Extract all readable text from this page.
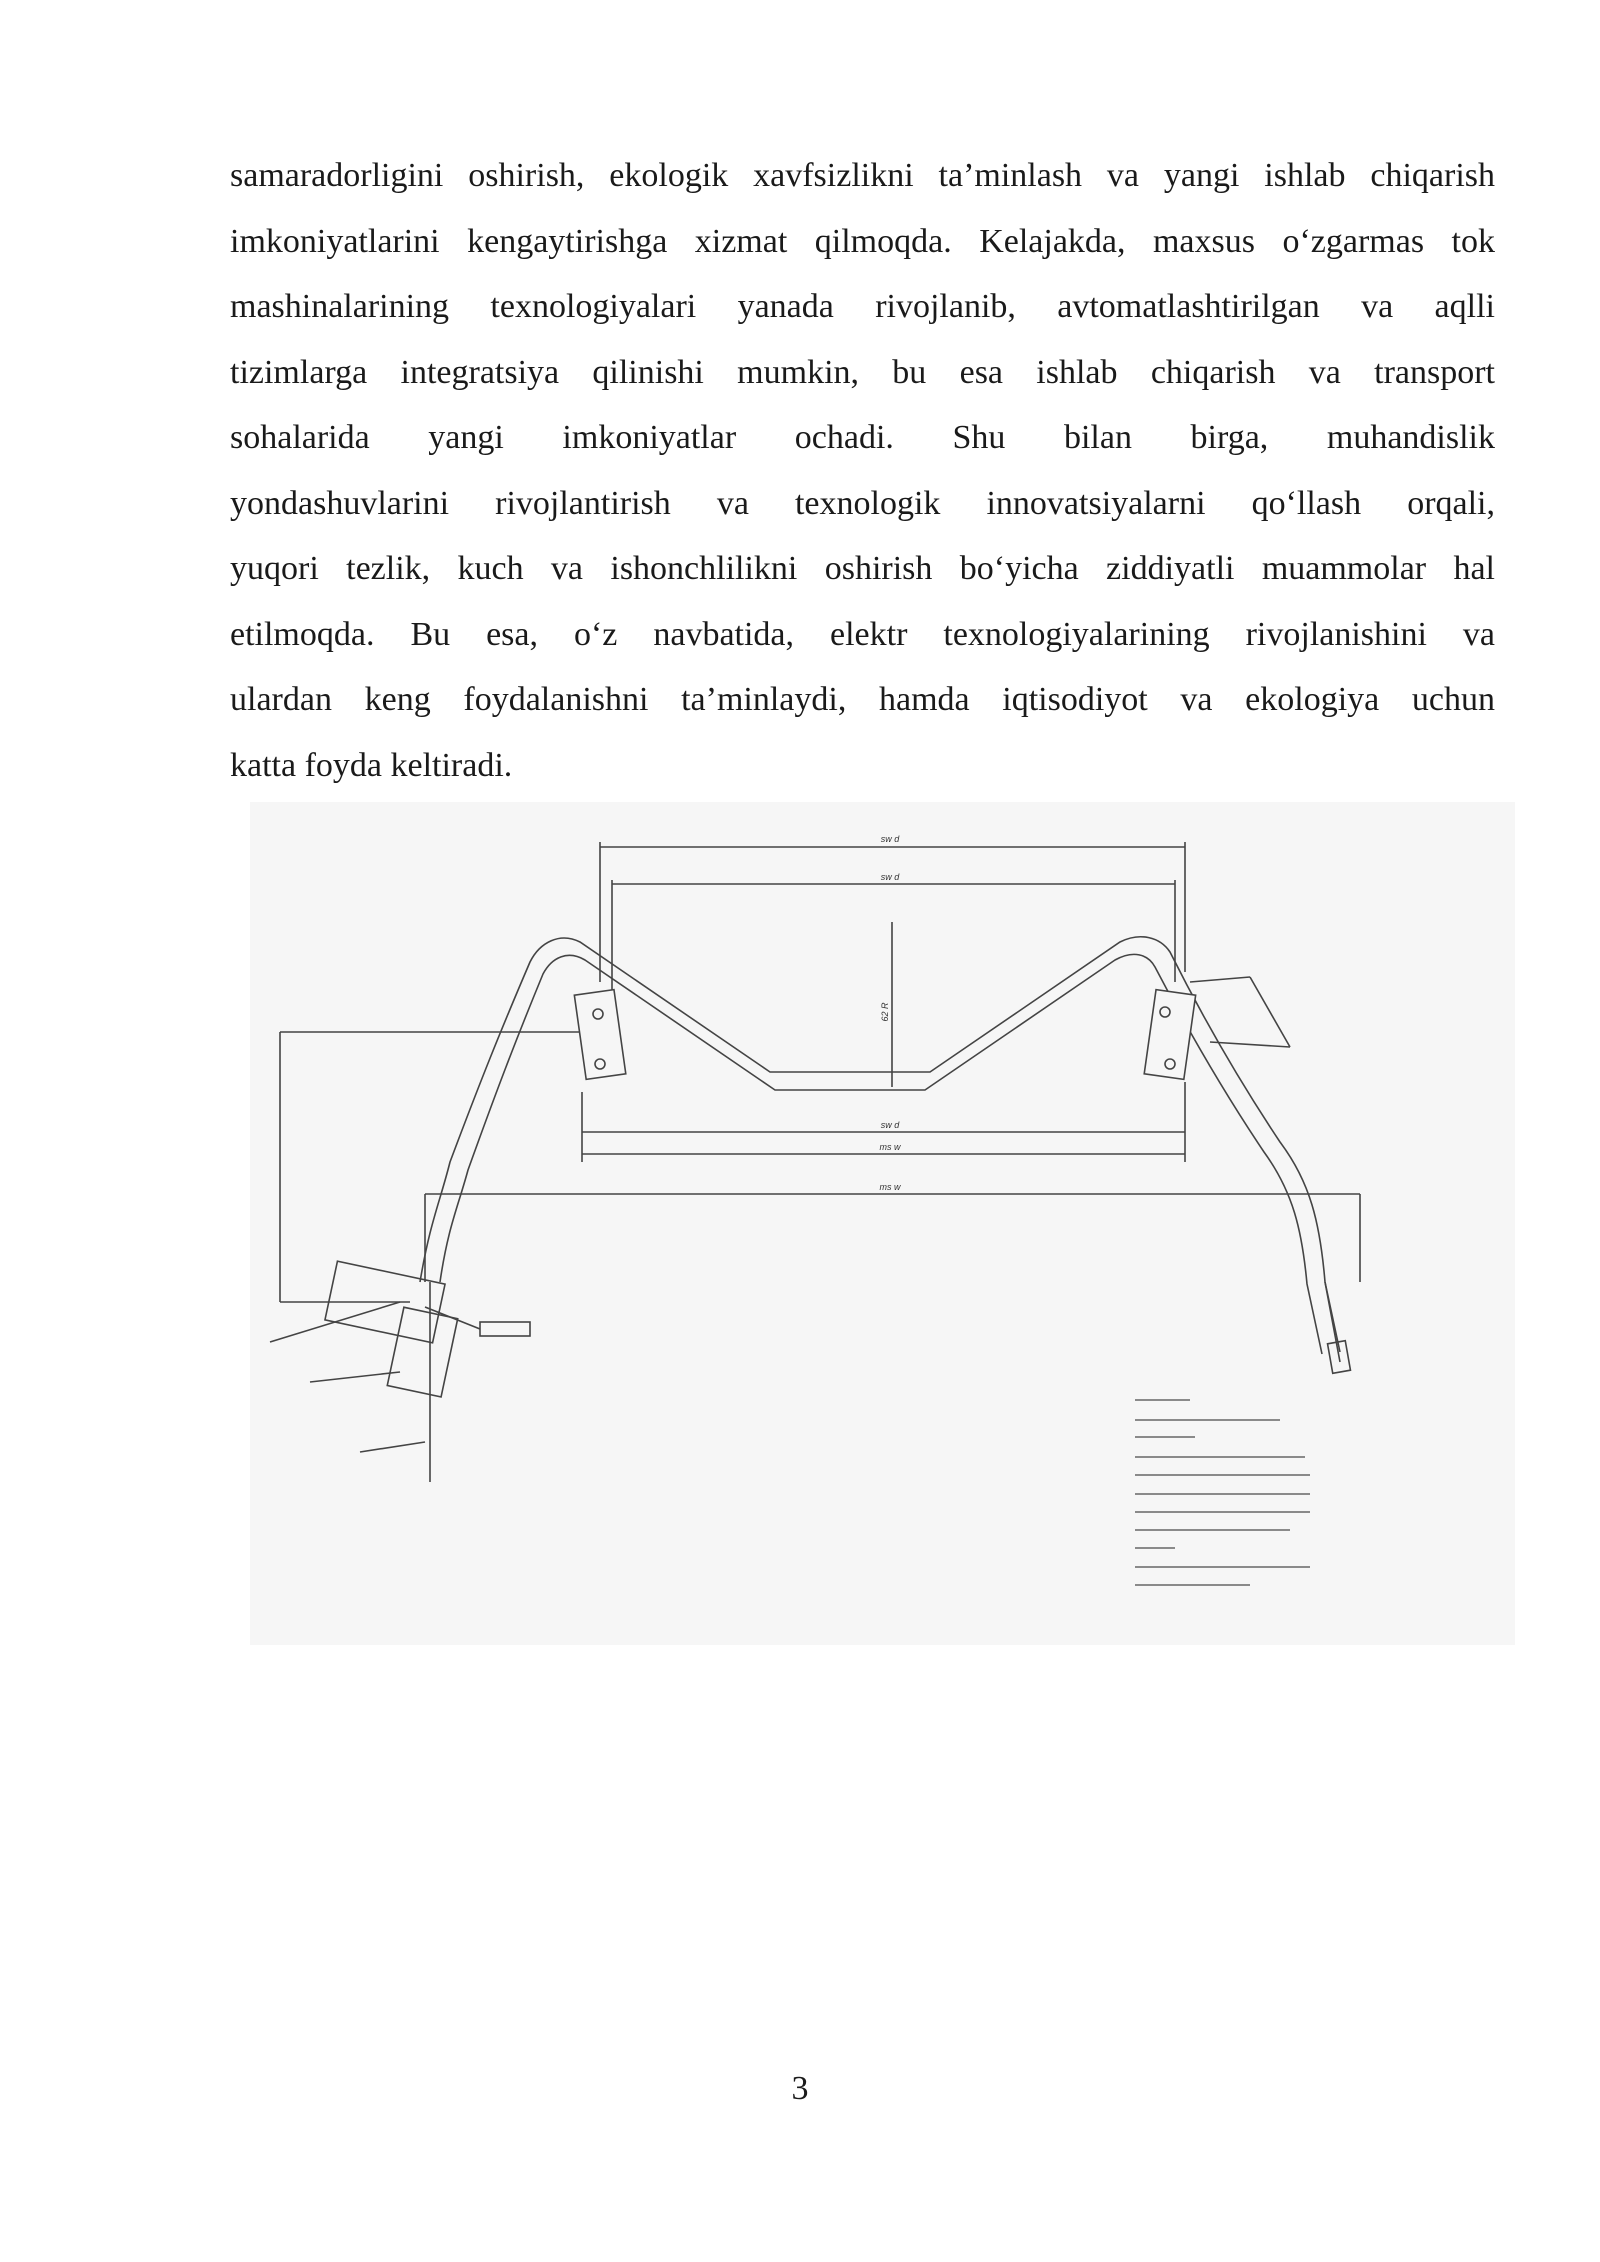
samaradorligini oshirish, ekologik xavfsizlikni ta’minlash va yangi ishlab chiqarish
imkoniyatlarini kengaytirishga xizmat qilmoqda. Kelajakda, maxsus o‘zgarmas tok
mashinalarining texnologiyalari yanada rivojlanib, avtomatlashtirilgan va aqlli
tizimlarga integratsiya qilinishi mumkin, bu esa ishlab chiqarish va transport
sohalarida yangi imkoniyatlar ochadi. Shu bilan birga, muhandislik
yondashuvlarini rivojlantirish va texnologik innovatsiyalarni qo‘llash orqali,
yuqori tezlik, kuch va ishonchlilikni oshirish bo‘yicha ziddiyatli muammolar hal
etilmoqda. Bu esa, o‘z navbatida, elektr texnologiyalarining rivojlanishini va
ulardan keng foydalanishni ta’minlaydi, hamda iqtisodiyot va ekologiya uchun
katta foyda keltiradi.
sw d
sw d
sw d
ms w
ms w
62 R
3
